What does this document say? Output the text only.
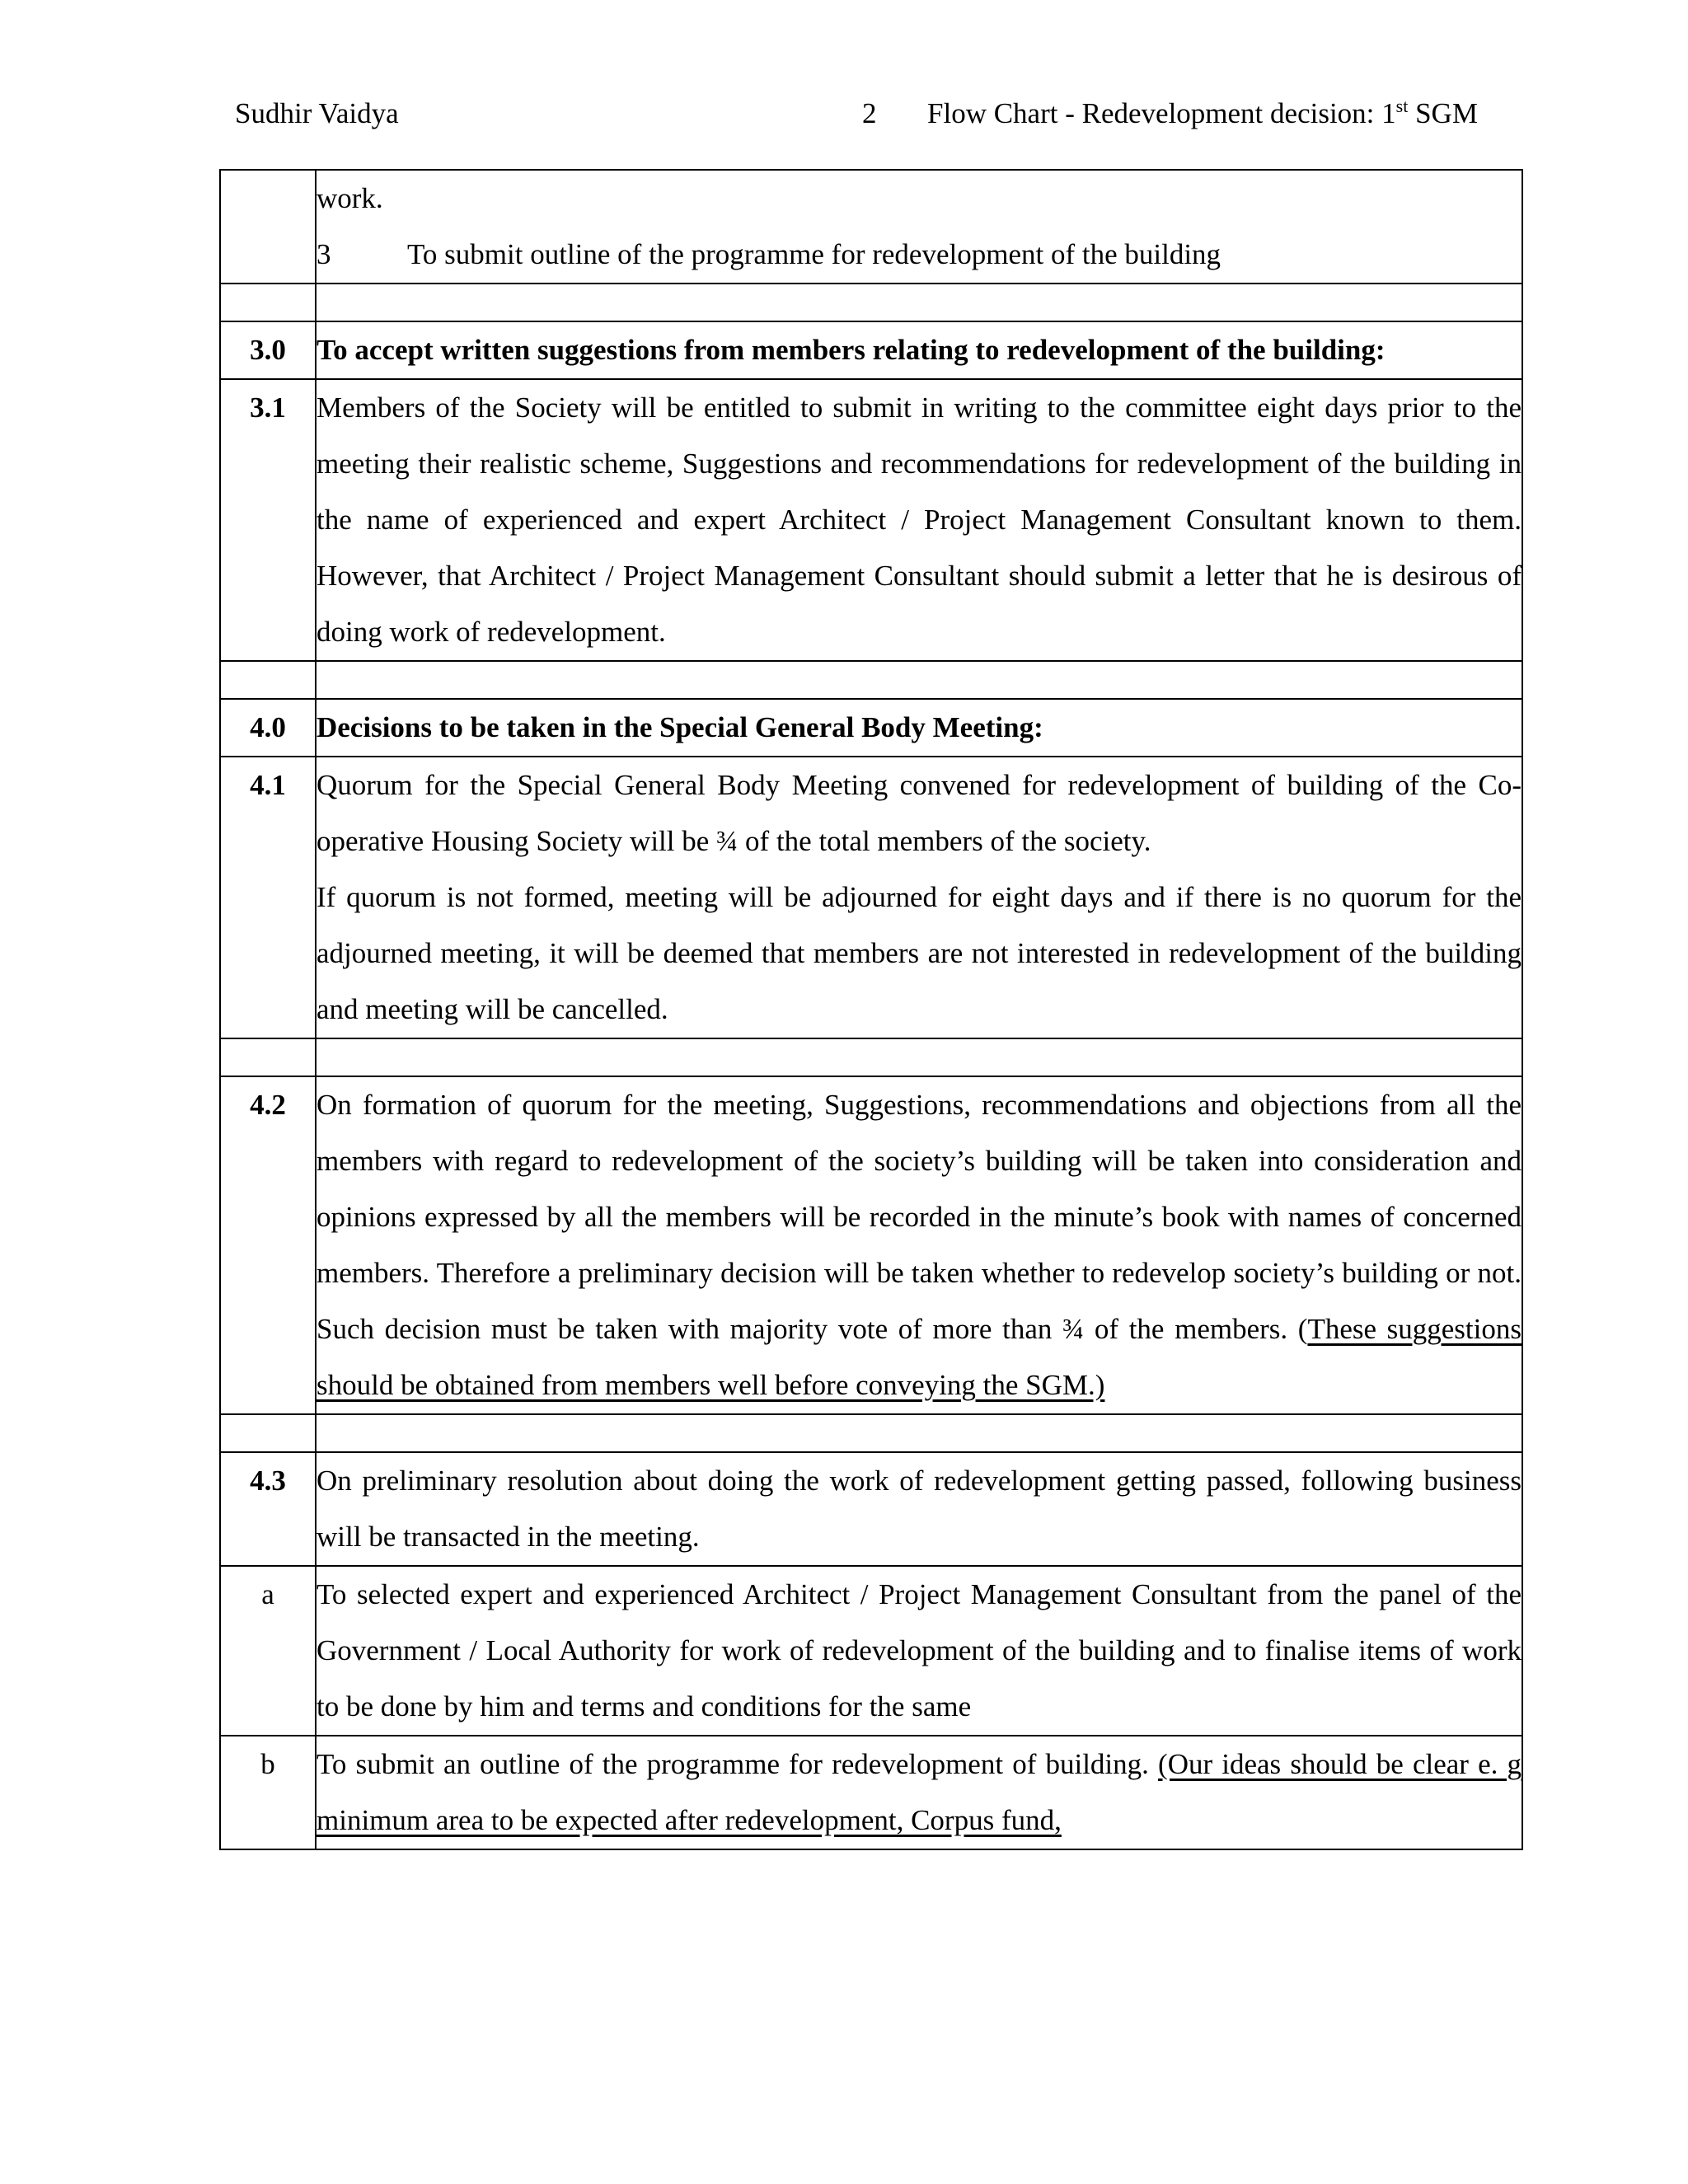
Sudhir Vaidya	2 Flow Chart - Redevelopment decision: 1st SGM

	work.

3 To submit outline of the programme for redevelopment of the building

3.0	To accept written suggestions from members relating to redevelopment of the building:
3.1	Members of the Society will be entitled to submit in writing to the committee eight days prior to the meeting their realistic scheme, Suggestions and recommendations for redevelopment of the building in the name of experienced and expert Architect / Project Management Consultant known to them. However, that Architect / Project Management Consultant should submit a letter that he is desirous of doing work of redevelopment.

4.0	Decisions to be taken in the Special General Body Meeting:
4.1	Quorum for the Special General Body Meeting convened for redevelopment of building of the Co-operative Housing Society will be ¾ of the total members of the society.

If quorum is not formed, meeting will be adjourned for eight days and if there is no quorum for the adjourned meeting, it will be deemed that members are not interested in redevelopment of the building and meeting will be cancelled.

4.2	On formation of quorum for the meeting, Suggestions, recommendations and objections from all the members with regard to redevelopment of the society’s building will be taken into consideration and opinions expressed by all the members will be recorded in the minute’s book with names of concerned members. Therefore a preliminary decision will be taken whether to redevelop society’s building or not. Such decision must be taken with majority vote of more than ¾ of the members. (These suggestions should be obtained from members well before conveying the SGM.)

4.3	On preliminary resolution about doing the work of redevelopment getting passed, following business will be transacted in the meeting.
a	To selected expert and experienced Architect / Project Management Consultant from the panel of the Government / Local Authority for work of redevelopment of the building and to finalise items of work to be done by him and terms and conditions for the same
b	To submit an outline of the programme for redevelopment of building. (Our ideas should be clear e. g minimum area to be expected after redevelopment, Corpus fund,
